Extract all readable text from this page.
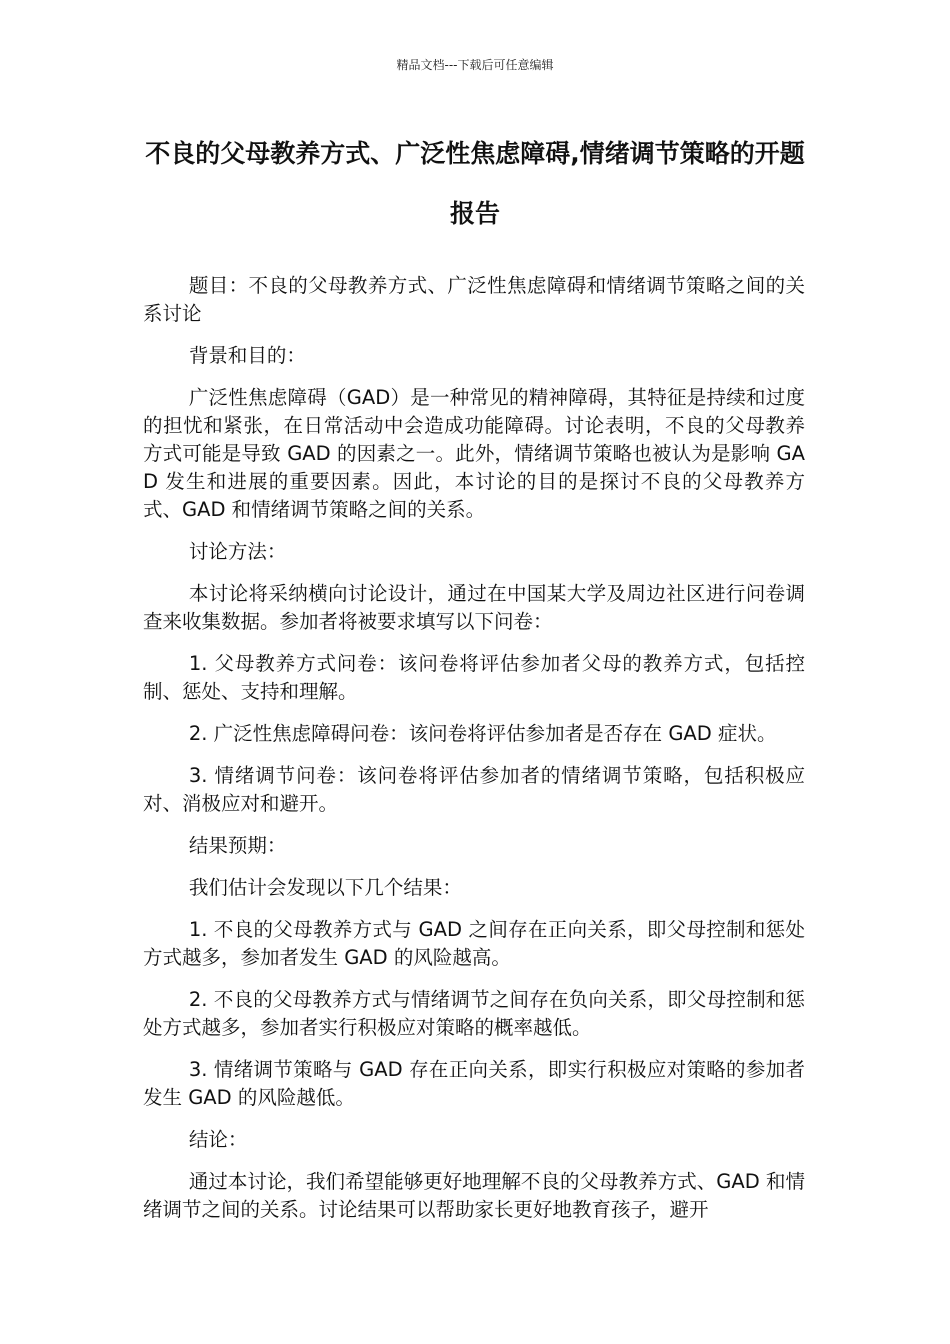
精品文档---下载后可任意编辑
不良的父母教养方式、广泛性焦虑障碍,情绪调节策略的开题报告

题目：不良的父母教养方式、广泛性焦虑障碍和情绪调节策略之间的关系讨论

背景和目的：

广泛性焦虑障碍（GAD）是一种常见的精神障碍，其特征是持续和过度的担忧和紧张，在日常活动中会造成功能障碍。讨论表明，不良的父母教养方式可能是导致 GAD 的因素之一。此外，情绪调节策略也被认为是影响 GAD 发生和进展的重要因素。因此，本讨论的目的是探讨不良的父母教养方式、GAD 和情绪调节策略之间的关系。

讨论方法：

本讨论将采纳横向讨论设计，通过在中国某大学及周边社区进行问卷调查来收集数据。参加者将被要求填写以下问卷：

1. 父母教养方式问卷：该问卷将评估参加者父母的教养方式，包括控制、惩处、支持和理解。

2. 广泛性焦虑障碍问卷：该问卷将评估参加者是否存在 GAD 症状。

3. 情绪调节问卷：该问卷将评估参加者的情绪调节策略，包括积极应对、消极应对和避开。

结果预期：

我们估计会发现以下几个结果：

1. 不良的父母教养方式与 GAD 之间存在正向关系，即父母控制和惩处方式越多，参加者发生 GAD 的风险越高。

2. 不良的父母教养方式与情绪调节之间存在负向关系，即父母控制和惩处方式越多，参加者实行积极应对策略的概率越低。

3. 情绪调节策略与 GAD 存在正向关系，即实行积极应对策略的参加者发生 GAD 的风险越低。

结论：

通过本讨论，我们希望能够更好地理解不良的父母教养方式、GAD 和情绪调节之间的关系。讨论结果可以帮助家长更好地教育孩子，避开
